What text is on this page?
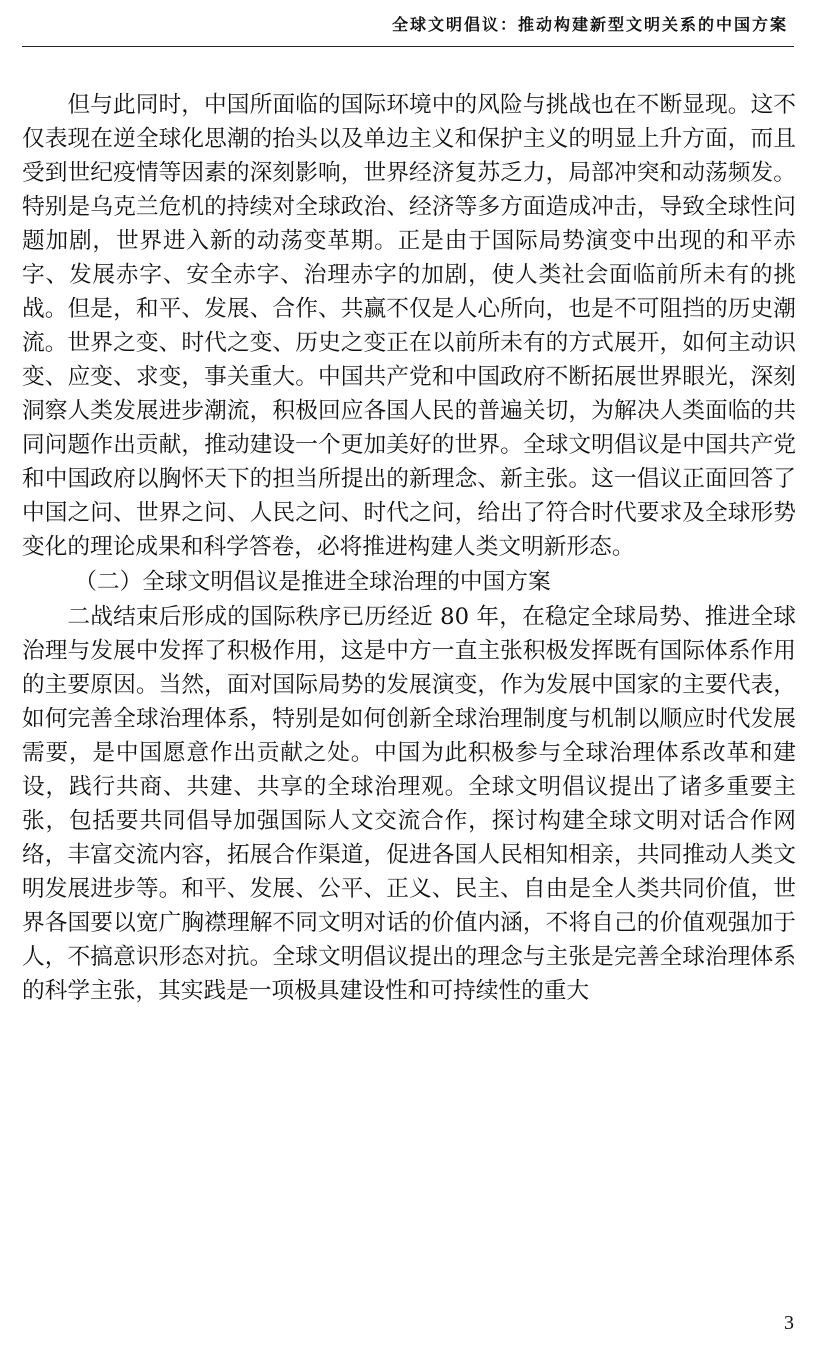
全球文明倡议：推动构建新型文明关系的中国方案

但与此同时，中国所面临的国际环境中的风险与挑战也在不断显现。这不仅表现在逆全球化思潮的抬头以及单边主义和保护主义的明显上升方面，而且受到世纪疫情等因素的深刻影响，世界经济复苏乏力，局部冲突和动荡频发。特别是乌克兰危机的持续对全球政治、经济等多方面造成冲击，导致全球性问题加剧，世界进入新的动荡变革期。正是由于国际局势演变中出现的和平赤字、发展赤字、安全赤字、治理赤字的加剧，使人类社会面临前所未有的挑战。但是，和平、发展、合作、共赢不仅是人心所向，也是不可阻挡的历史潮流。世界之变、时代之变、历史之变正在以前所未有的方式展开，如何主动识变、应变、求变，事关重大。中国共产党和中国政府不断拓展世界眼光，深刻洞察人类发展进步潮流，积极回应各国人民的普遍关切，为解决人类面临的共同问题作出贡献，推动建设一个更加美好的世界。全球文明倡议是中国共产党和中国政府以胸怀天下的担当所提出的新理念、新主张。这一倡议正面回答了中国之问、世界之问、人民之问、时代之问，给出了符合时代要求及全球形势变化的理论成果和科学答卷，必将推进构建人类文明新形态。

（二）全球文明倡议是推进全球治理的中国方案

二战结束后形成的国际秩序已历经近 80 年，在稳定全球局势、推进全球治理与发展中发挥了积极作用，这是中方一直主张积极发挥既有国际体系作用的主要原因。当然，面对国际局势的发展演变，作为发展中国家的主要代表，如何完善全球治理体系，特别是如何创新全球治理制度与机制以顺应时代发展需要，是中国愿意作出贡献之处。中国为此积极参与全球治理体系改革和建设，践行共商、共建、共享的全球治理观。全球文明倡议提出了诸多重要主张，包括要共同倡导加强国际人文交流合作，探讨构建全球文明对话合作网络，丰富交流内容，拓展合作渠道，促进各国人民相知相亲，共同推动人类文明发展进步等。和平、发展、公平、正义、民主、自由是全人类共同价值，世界各国要以宽广胸襟理解不同文明对话的价值内涵，不将自己的价值观强加于人，不搞意识形态对抗。全球文明倡议提出的理念与主张是完善全球治理体系的科学主张，其实践是一项极具建设性和可持续性的重大

3
